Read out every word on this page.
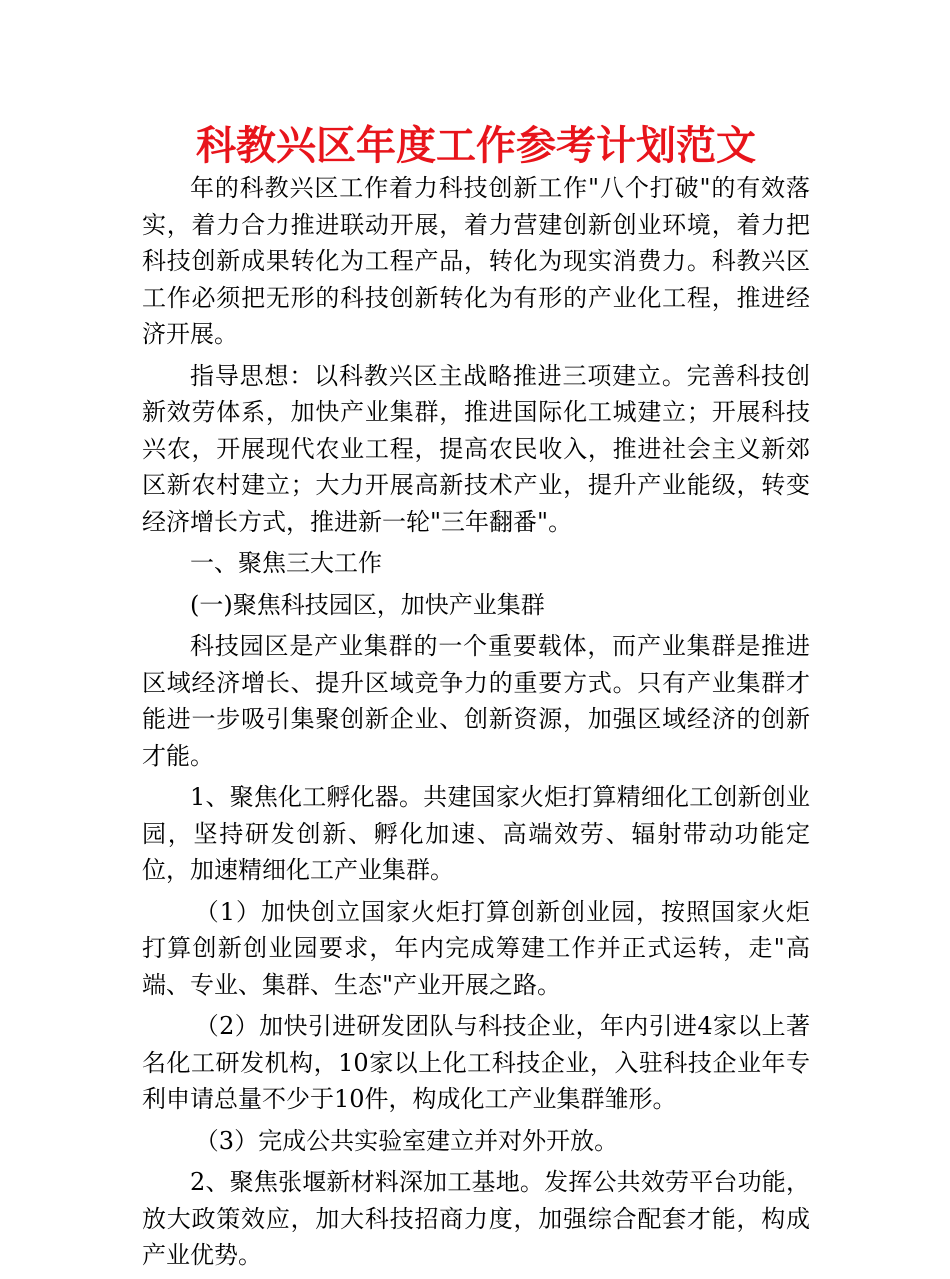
科教兴区年度工作参考计划范文

年的科教兴区工作着力科技创新工作"八个打破"的有效落实，着力合力推进联动开展，着力营建创新创业环境，着力把科技创新成果转化为工程产品，转化为现实消费力。科教兴区工作必须把无形的科技创新转化为有形的产业化工程，推进经济开展。

指导思想：以科教兴区主战略推进三项建立。完善科技创新效劳体系，加快产业集群，推进国际化工城建立；开展科技兴农，开展现代农业工程，提高农民收入，推进社会主义新郊区新农村建立；大力开展高新技术产业，提升产业能级，转变经济增长方式，推进新一轮"三年翻番"。

一、聚焦三大工作

(一)聚焦科技园区，加快产业集群

科技园区是产业集群的一个重要载体，而产业集群是推进区域经济增长、提升区域竞争力的重要方式。只有产业集群才能进一步吸引集聚创新企业、创新资源，加强区域经济的创新才能。

1、聚焦化工孵化器。共建国家火炬打算精细化工创新创业园，坚持研发创新、孵化加速、高端效劳、辐射带动功能定位，加速精细化工产业集群。

（1）加快创立国家火炬打算创新创业园，按照国家火炬打算创新创业园要求，年内完成筹建工作并正式运转，走"高端、专业、集群、生态"产业开展之路。

（2）加快引进研发团队与科技企业，年内引进4家以上著名化工研发机构，10家以上化工科技企业，入驻科技企业年专利申请总量不少于10件，构成化工产业集群雏形。

（3）完成公共实验室建立并对外开放。

2、聚焦张堰新材料深加工基地。发挥公共效劳平台功能，放大政策效应，加大科技招商力度，加强综合配套才能，构成产业优势。
